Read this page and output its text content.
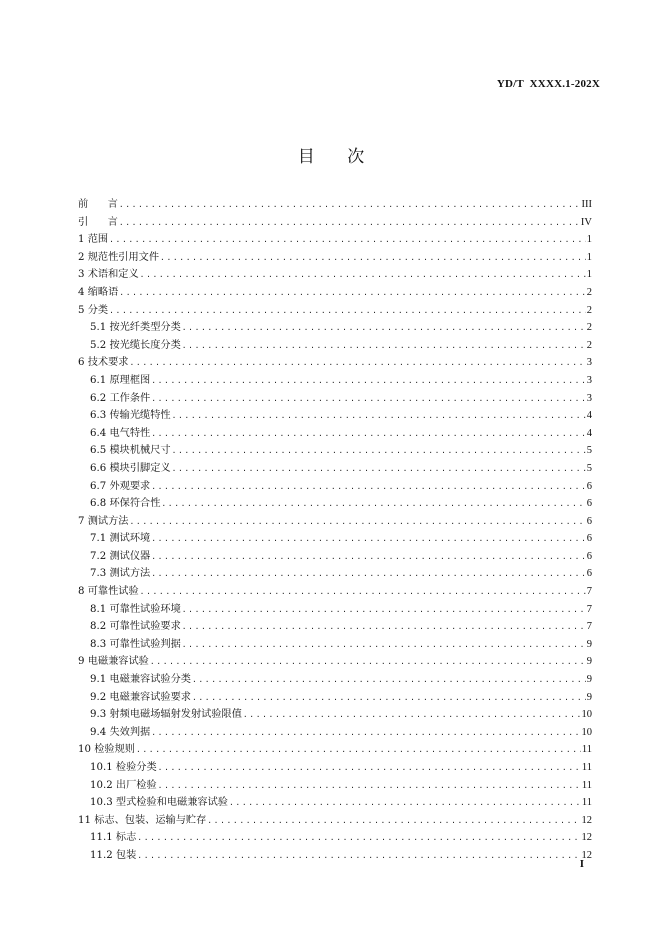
YD/T  XXXX.1-202X
目      次
前      言 .....	III
引      言 .....	IV
1 范围 .....	1
2 规范性引用文件 .....	1
3 术语和定义 .....	1
4 缩略语 .....	2
5 分类 .....	2
5.1 按光纤类型分类 .....	2
5.2 按光缆长度分类 .....	2
6 技术要求 .....	3
6.1 原理框图 .....	3
6.2 工作条件 .....	3
6.3 传输光缆特性 .....	4
6.4 电气特性 .....	4
6.5 模块机械尺寸 .....	5
6.6 模块引脚定义 .....	5
6.7 外观要求 .....	6
6.8 环保符合性 .....	6
7 测试方法 .....	6
7.1 测试环境 .....	6
7.2 测试仪器 .....	6
7.3 测试方法 .....	6
8 可靠性试验 .....	7
8.1 可靠性试验环境 .....	7
8.2 可靠性试验要求 .....	7
8.3 可靠性试验判据 .....	9
9 电磁兼容试验 .....	9
9.1 电磁兼容试验分类 .....	9
9.2 电磁兼容试验要求 .....	9
9.3 射频电磁场辐射发射试验限值 .....	10
9.4 失效判据 .....	10
10 检验规则 .....	11
10.1 检验分类 .....	11
10.2 出厂检验 .....	11
10.3 型式检验和电磁兼容试验 .....	11
11 标志、包装、运输与贮存 .....	12
11.1 标志 .....	12
11.2 包装 .....	12
I
